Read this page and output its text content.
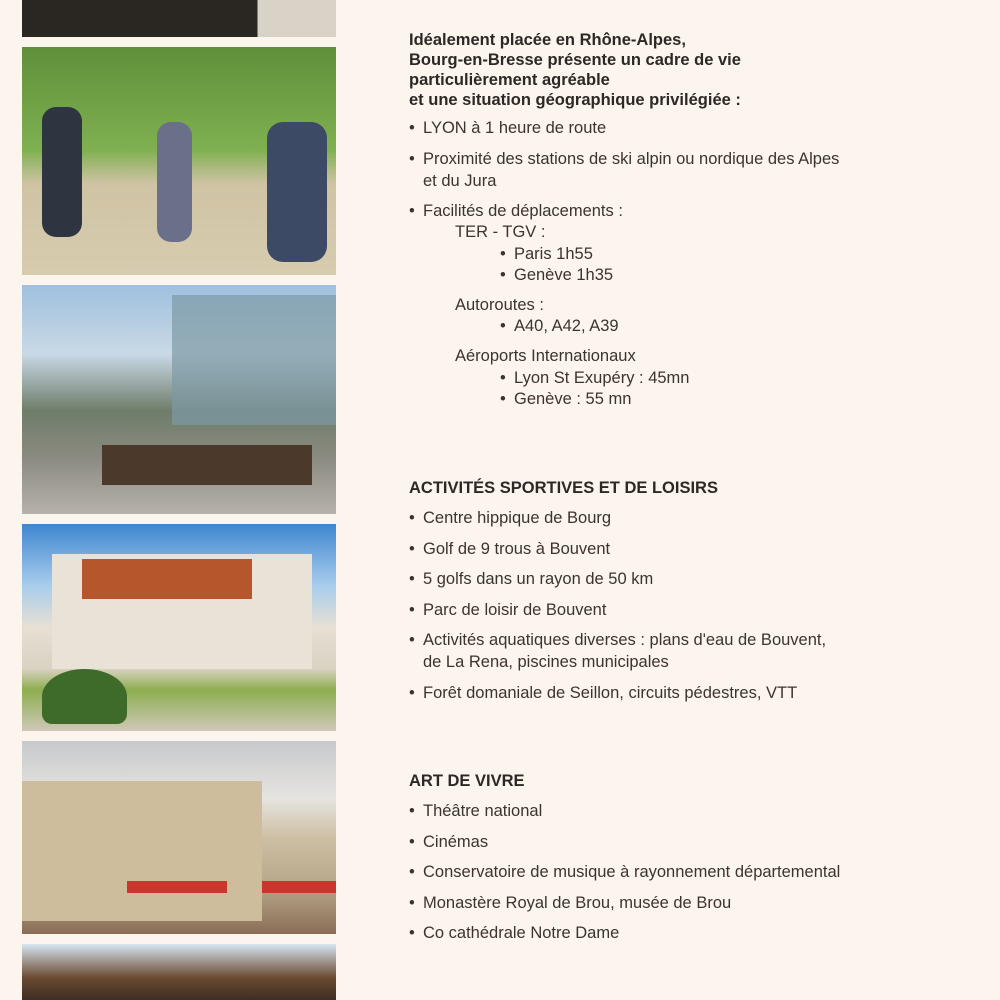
Idéalement placée en Rhône-Alpes,
Bourg-en-Bresse présente un cadre de vie
particulièrement agréable
et une situation géographique privilégiée :
• LYON à 1 heure de route
• Proximité des stations de ski alpin ou nordique des Alpes
et du Jura
• Facilités de déplacements :
TER - TGV :
• Paris 1h55
• Genève 1h35
Autoroutes :
• A40, A42, A39
Aéroports Internationaux
• Lyon St Exupéry : 45mn
• Genève : 55 mn
ACTIVITÉS SPORTIVES ET DE LOISIRS
• Centre hippique de Bourg
• Golf de 9 trous à Bouvent
• 5 golfs dans un rayon de 50 km
• Parc de loisir de Bouvent
• Activités aquatiques diverses : plans d'eau de Bouvent,
de La Rena, piscines municipales
• Forêt domaniale de Seillon, circuits pédestres, VTT
ART DE VIVRE
• Théâtre national
• Cinémas
• Conservatoire de musique à rayonnement départemental
• Monastère Royal de Brou, musée de Brou
• Co cathédrale Notre Dame
